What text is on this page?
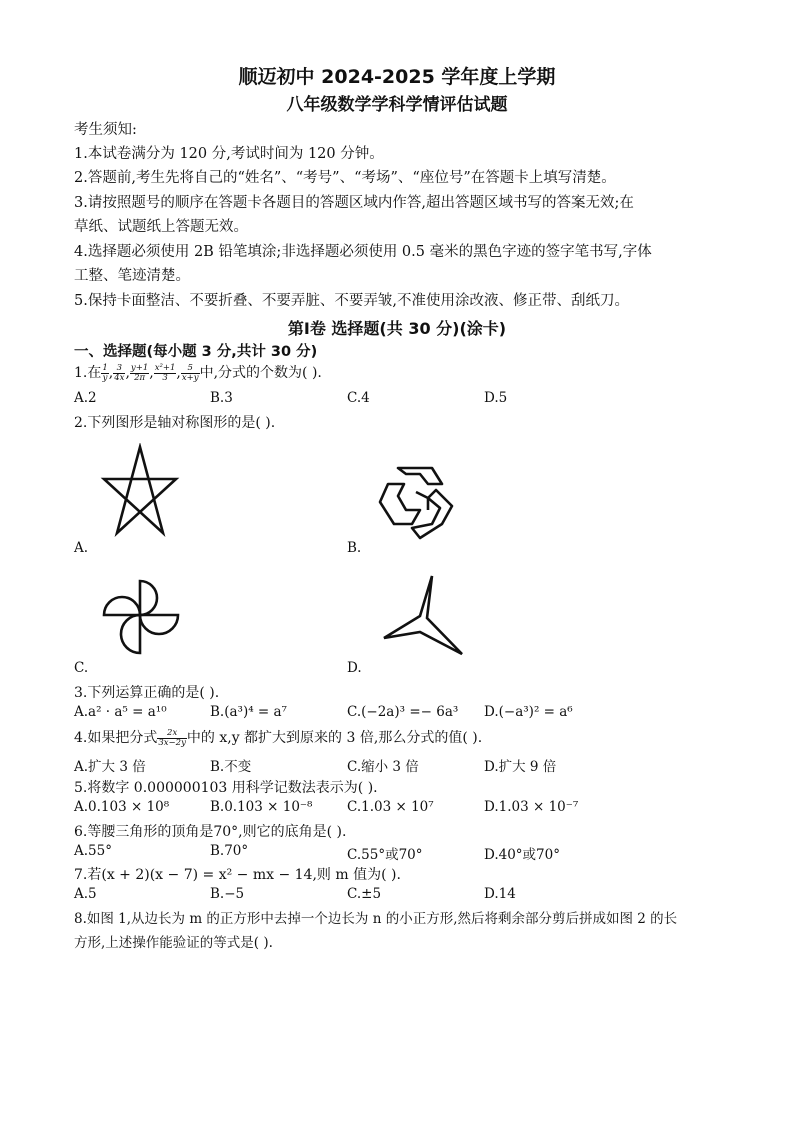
顺迈初中 2024-2025 学年度上学期
八年级数学学科学情评估试题
考生须知:
1.本试卷满分为 120 分,考试时间为 120 分钟。
2.答题前,考生先将自己的“姓名”、“考号”、“考场”、“座位号”在答题卡上填写清楚。
3.请按照题号的顺序在答题卡各题目的答题区域内作答,超出答题区域书写的答案无效;在
草纸、试题纸上答题无效。
4.选择题必须使用 2B 铅笔填涂;非选择题必须使用 0.5 毫米的黑色字迹的签字笔书写,字体
工整、笔迹清楚。
5.保持卡面整洁、不要折叠、不要弄脏、不要弄皱,不准使用涂改液、修正带、刮纸刀。
第Ⅰ卷 选择题(共 30 分)(涂卡)
一、选择题(每小题 3 分,共计 30 分)
1.在 $\frac{1}{y}$ , $\frac{3}{4x}$ , $\frac{y+1}{2\pi}$ , $\frac{\text{x²+1}}{3}$ , $\frac{5}{x+y}$ 中,分式的个数为( ).
A.2	B.3	C.4	D.5
2.下列图形是轴对称图形的是( ).
A.	B.
C.	D.
3.下列运算正确的是( ).
A.a² · a⁵ = a¹⁰	B.(a³)⁴ = a⁷	C.(−2a)³ =− 6a³ D.(−a³)² = a⁶
4.如果把分式 $\frac{2x}{3x-2y}$ 中的 x,y 都扩大到原来的 3 倍,那么分式的值( ).
A.扩大 3 倍	B.不变	C.缩小 3 倍	D.扩大 9 倍
5.将数字 0.000000103 用科学记数法表示为( ).
A.0.103 × 10⁸	B.0.103 × 10⁻⁸	C.1.03 × 10⁷	D.1.03 × 10⁻⁷
6.等腰三角形的顶角是70°,则它的底角是( ).
A.55°	B.70°	C.55°或70°	D.40°或70°
7.若(x + 2)(x − 7) = x² − mx − 14,则 m 值为( ).
A.5	B.−5	C.±5	D.14
8.如图 1,从边长为 m 的正方形中去掉一个边长为 n 的小正方形,然后将剩余部分剪后拼成如图 2 的长
方形,上述操作能验证的等式是( ).
